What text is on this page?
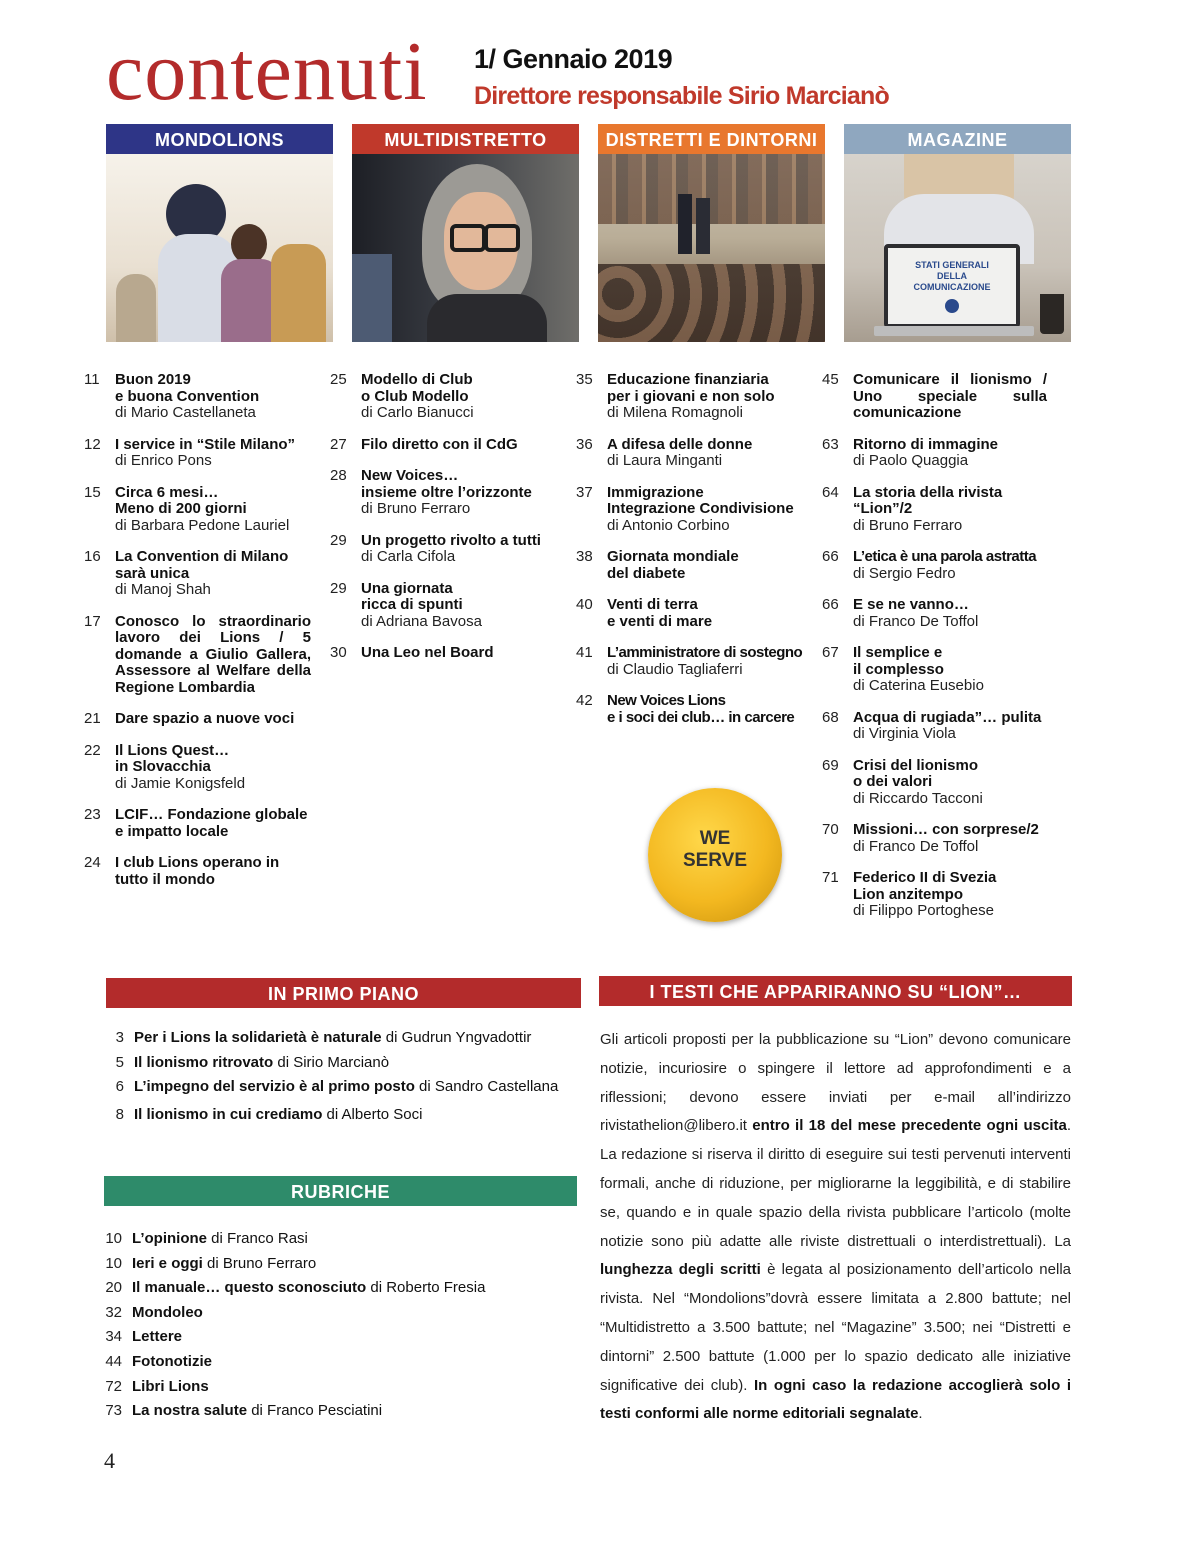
contenuti 1/ Gennaio 2019
Direttore responsabile Sirio Marcianò
MONDOLIONS
11	Buon 2019
e buona Convention
di Mario Castellaneta
12 I service in “Stile Milano”
di Enrico Pons
15 Circa 6 mesi…
Meno di 200 giorni
di Barbara Pedone Lauriel
16 La Convention di Milano
sarà unica
di Manoj Shah
17 Conosco lo straordinario lavoro dei Lions / 5 domande a Giulio Gallera, Assessore al Welfare della Regione Lombardia
21 Dare spazio a nuove voci
22 Il Lions Quest…
in Slovacchia
di Jamie Konigsfeld
23 LCIF… Fondazione globale
e impatto locale
24 I club Lions operano in
tutto il mondo
MULTIDISTRETTO
25 Modello di Club
o Club Modello
di Carlo Bianucci
27 Filo diretto con il CdG
28 New Voices…
insieme oltre l’orizzonte
di Bruno Ferraro
29 Un progetto rivolto a tutti
di Carla Cifola
29 Una giornata
ricca di spunti
di Adriana Bavosa
30 Una Leo nel Board
DISTRETTI E DINTORNI
35 Educazione finanziaria
per i giovani e non solo
di Milena Romagnoli
36 A difesa delle donne
di Laura Minganti
37 Immigrazione
Integrazione Condivisione
di Antonio Corbino
38 Giornata mondiale
del diabete
40 Venti di terra
e venti di mare
41 L’amministratore di sostegno
di Claudio Tagliaferri
42 New Voices Lions
e i soci dei club… in carcere
MAGAZINE
STATI GENERALI
DELLA
COMUNICAZIONE
45 Comunicare il lionismo / Uno speciale sulla comunicazione
63 Ritorno di immagine
di Paolo Quaggia
64 La storia della rivista
“Lion”/2
di Bruno Ferraro
66 L’etica è una parola astratta
di Sergio Fedro
66 E se ne vanno…
di Franco De Toffol
67 Il semplice e
il complesso
di Caterina Eusebio
68 Acqua di rugiada”… pulita
di Virginia Viola
69 Crisi del lionismo
o dei valori
di Riccardo Tacconi
70 Missioni… con sorprese/2
di Franco De Toffol
71 Federico II di Svezia
Lion anzitempo
di Filippo Portoghese
WE
SERVE
IN PRIMO PIANO
3 Per i Lions la solidarietà è naturale di Gudrun Yngvadottir
5 Il lionismo ritrovato di Sirio Marcianò
6 L’impegno del servizio è al primo posto di Sandro Castellana
8 Il lionismo in cui crediamo di Alberto Soci
RUBRICHE
10 L’opinione di Franco Rasi
10 Ieri e oggi di Bruno Ferraro
20 Il manuale… questo sconosciuto di Roberto Fresia
32 Mondoleo
34 Lettere
44 Fotonotizie
72 Libri Lions
73 La nostra salute di Franco Pesciatini
I TESTI CHE APPARIRANNO SU “LION”…
Gli articoli proposti per la pubblicazione su “Lion” devono comunicare notizie, incuriosire o spingere il lettore ad approfondimenti e a riflessioni; devono essere inviati per e-mail all’indirizzo rivistathelion@libero.it entro il 18 del mese precedente ogni uscita. La redazione si riserva il diritto di eseguire sui testi pervenuti interventi formali, anche di riduzione, per migliorarne la leggibilità, e di stabilire se, quando e in quale spazio della rivista pubblicare l’articolo (molte notizie sono più adatte alle riviste distrettuali o interdistrettuali). La lunghezza degli scritti è legata al posizionamento dell’articolo nella rivista. Nel “Mondolions”dovrà essere limitata a 2.800 battute; nel “Multidistretto a 3.500 battute; nel “Magazine” 3.500; nei “Distretti e dintorni” 2.500 battute (1.000 per lo spazio dedicato alle iniziative significative dei club). In ogni caso la redazione accoglierà solo i testi conformi alle norme editoriali segnalate.
4
